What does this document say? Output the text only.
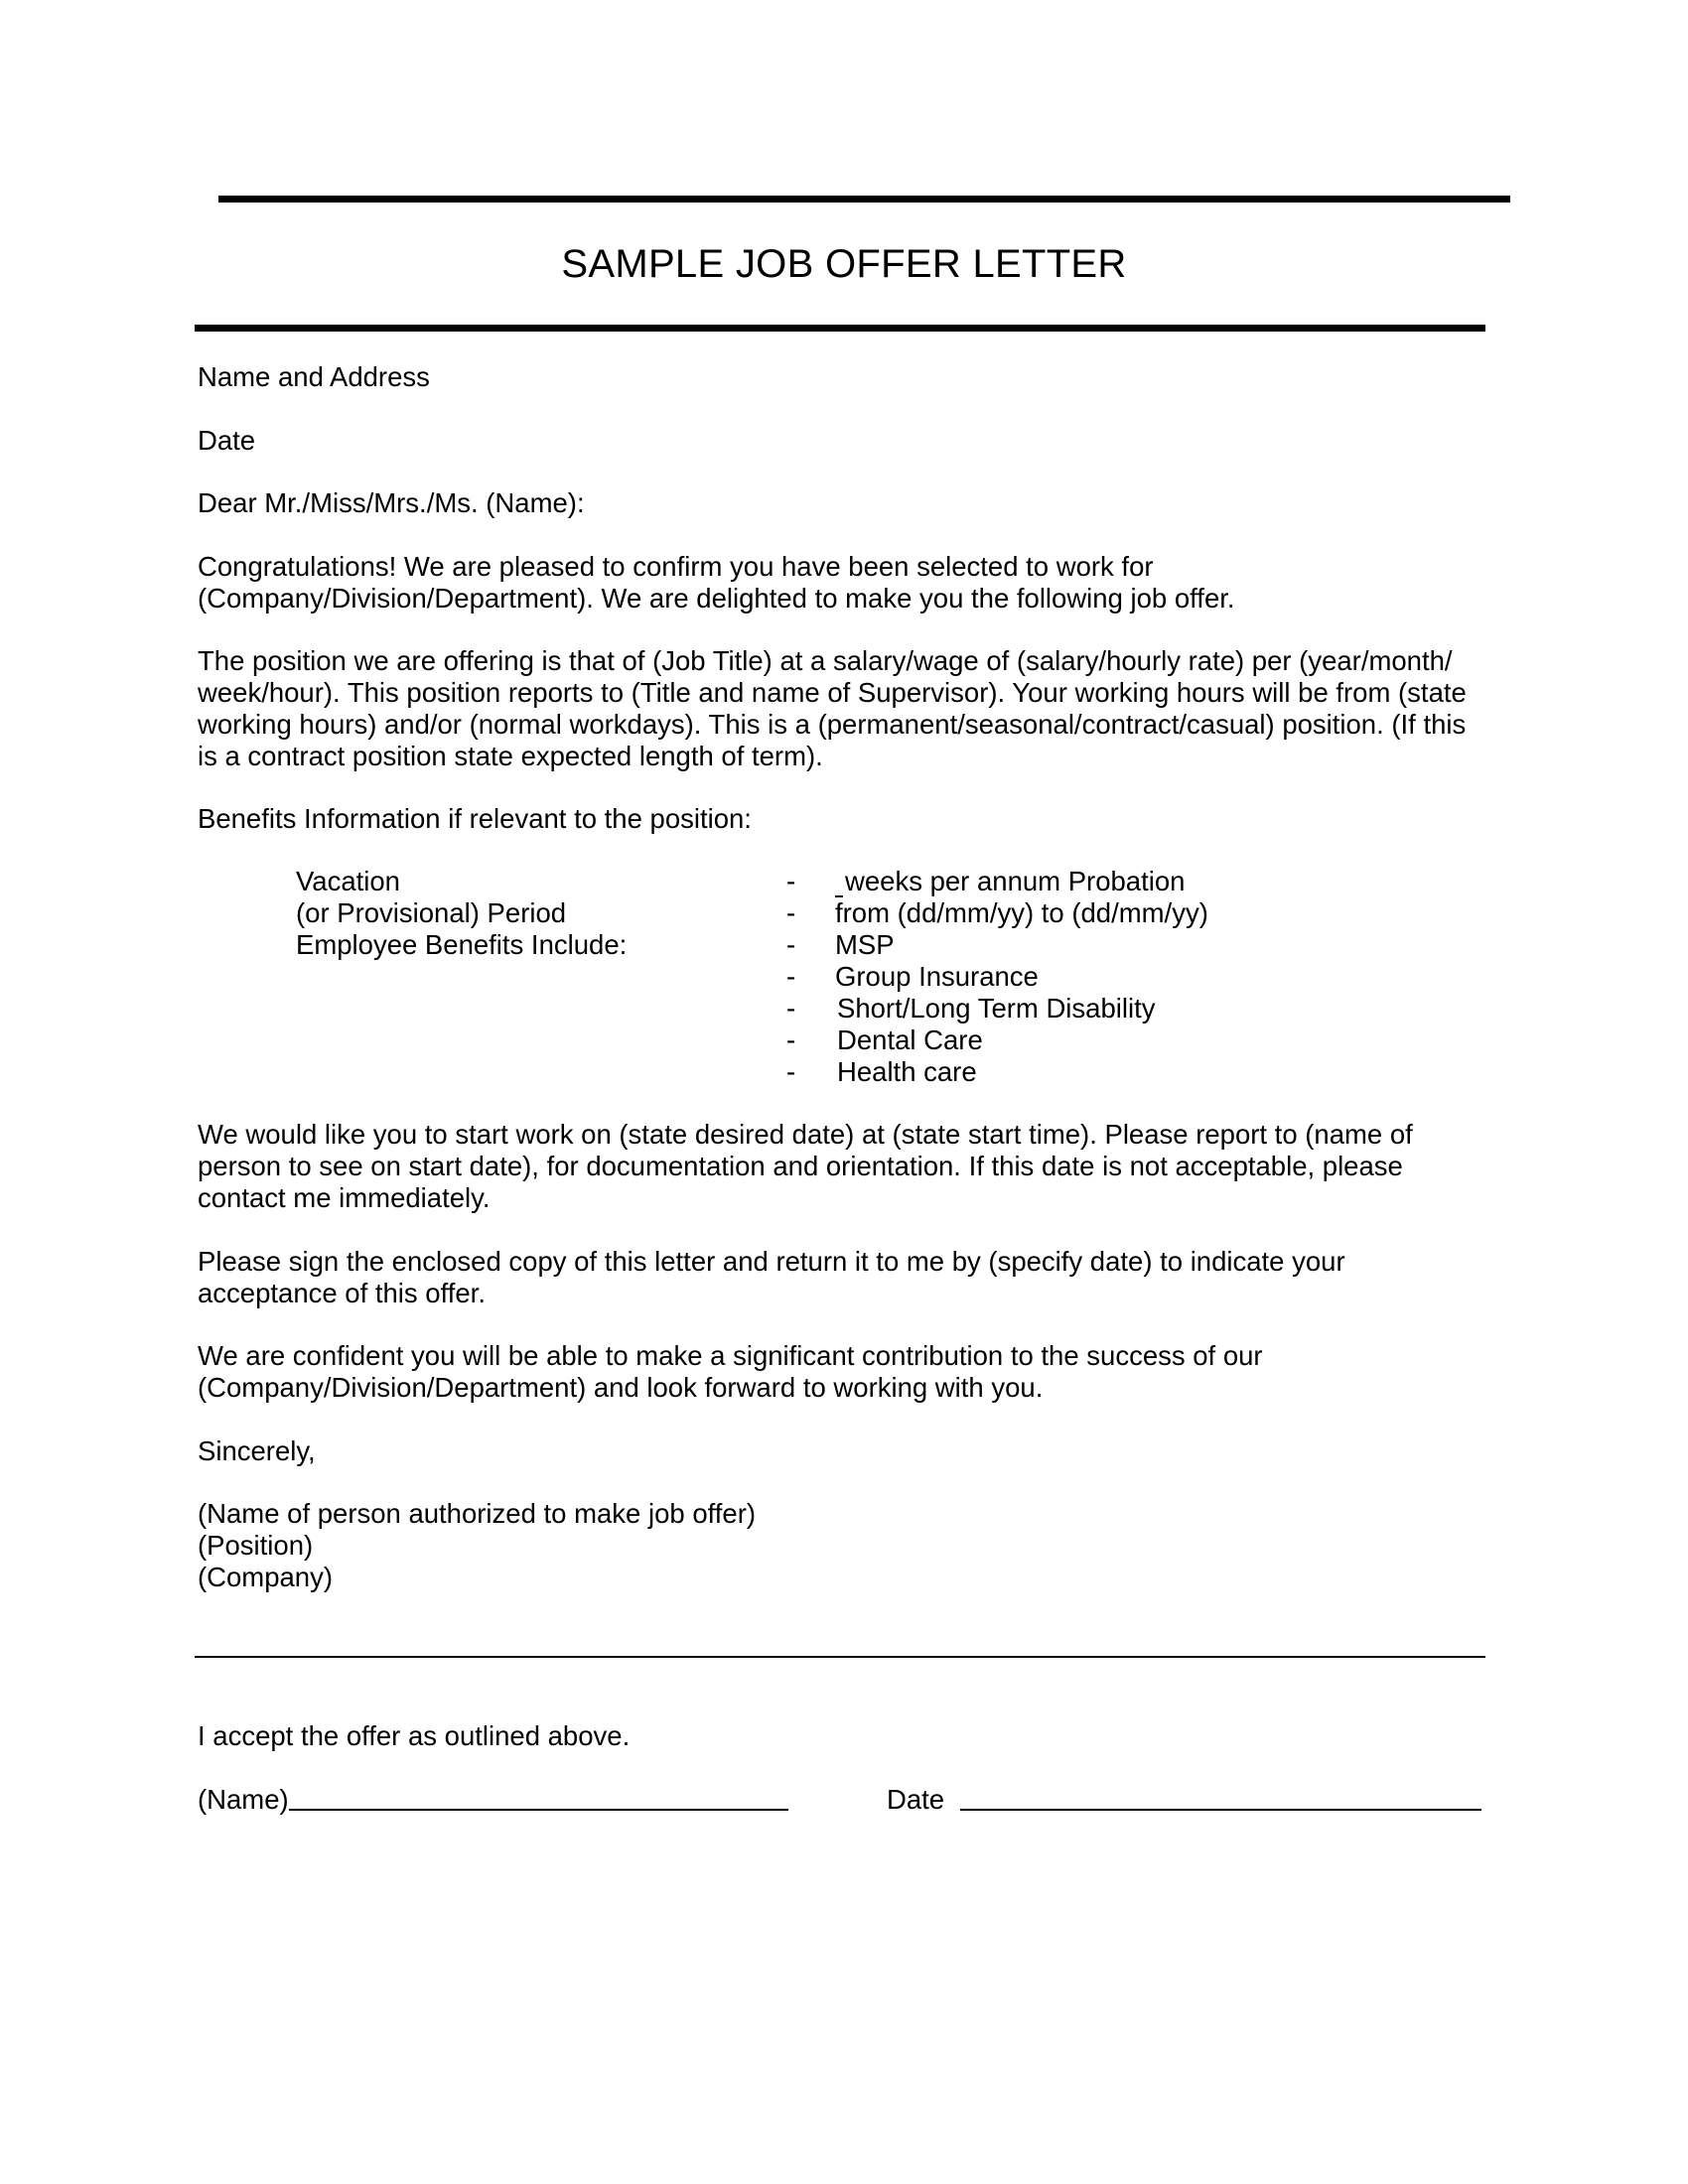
SAMPLE JOB OFFER LETTER
Name and Address
Date
Dear Mr./Miss/Mrs./Ms. (Name):
Congratulations! We are pleased to confirm you have been selected to work for
(Company/Division/Department). We are delighted to make you the following job offer.
The position we are offering is that of (Job Title) at a salary/wage of (salary/hourly rate) per (year/month/
week/hour). This position reports to (Title and name of Supervisor). Your working hours will be from (state
working hours) and/or (normal workdays). This is a (permanent/seasonal/contract/casual) position. (If this
is a contract position state expected length of term).
Benefits Information if relevant to the position:
Vacation
(or Provisional) Period
Employee Benefits Include:
-
-
-
-
-
-
-
weeks per annum Probation
from (dd/mm/yy) to (dd/mm/yy)
MSP
Group Insurance
Short/Long Term Disability
Dental Care
Health care
We would like you to start work on (state desired date) at (state start time). Please report to (name of
person to see on start date), for documentation and orientation. If this date is not acceptable, please
contact me immediately.
Please sign the enclosed copy of this letter and return it to me by (specify date) to indicate your
acceptance of this offer.
We are confident you will be able to make a significant contribution to the success of our
(Company/Division/Department) and look forward to working with you.
Sincerely,
(Name of person authorized to make job offer)
(Position)
(Company)
I accept the offer as outlined above.
(Name)	Date
